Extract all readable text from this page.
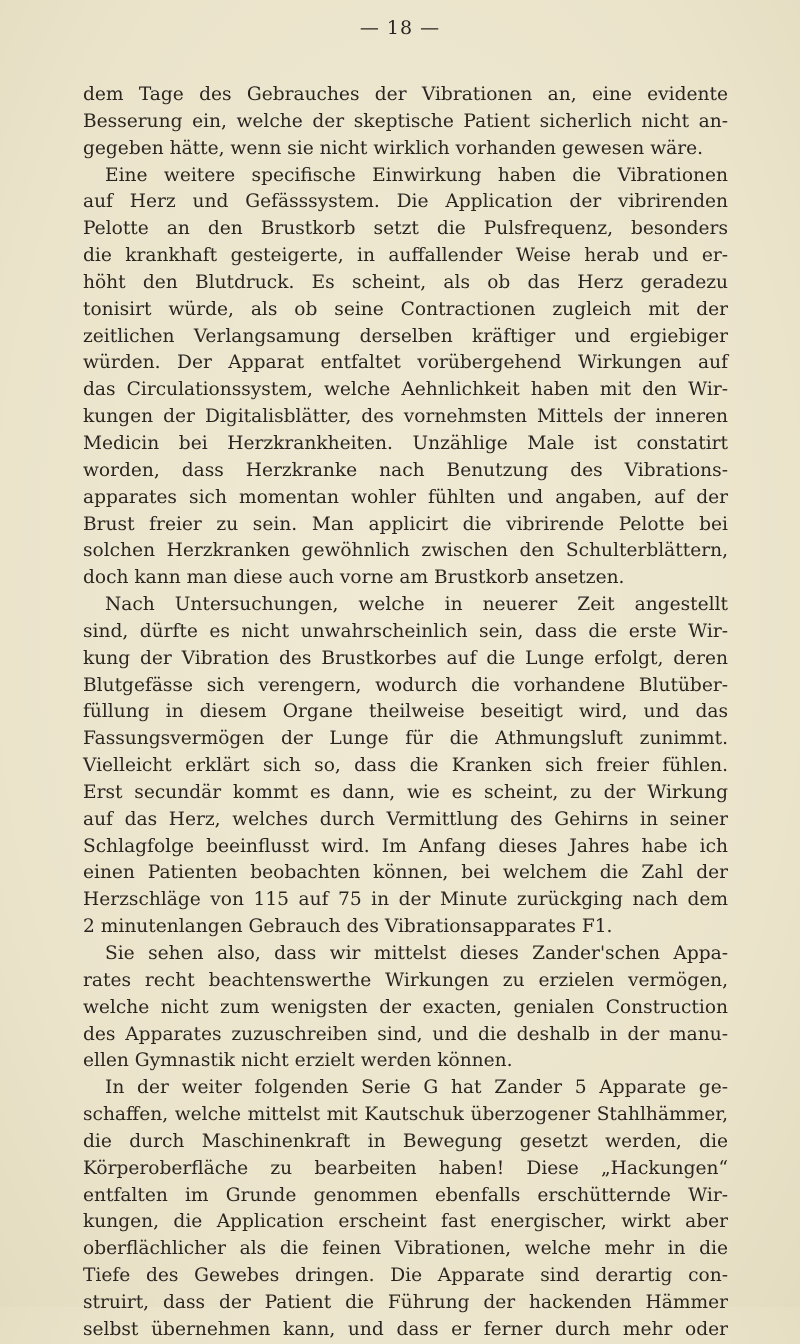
— 18 —
dem Tage des Gebrauches der Vibrationen an, eine evidente
Besserung ein, welche der skeptische Patient sicherlich nicht an-
gegeben hätte, wenn sie nicht wirklich vorhanden gewesen wäre.
Eine weitere specifische Einwirkung haben die Vibrationen
auf Herz und Gefässsystem. Die Application der vibrirenden
Pelotte an den Brustkorb setzt die Pulsfrequenz, besonders
die krankhaft gesteigerte, in auffallender Weise herab und er-
höht den Blutdruck. Es scheint, als ob das Herz geradezu
tonisirt würde, als ob seine Contractionen zugleich mit der
zeitlichen Verlangsamung derselben kräftiger und ergiebiger
würden. Der Apparat entfaltet vorübergehend Wirkungen auf
das Circulationssystem, welche Aehnlichkeit haben mit den Wir-
kungen der Digitalisblätter, des vornehmsten Mittels der inneren
Medicin bei Herzkrankheiten. Unzählige Male ist constatirt
worden, dass Herzkranke nach Benutzung des Vibrations-
apparates sich momentan wohler fühlten und angaben, auf der
Brust freier zu sein. Man applicirt die vibrirende Pelotte bei
solchen Herzkranken gewöhnlich zwischen den Schulterblättern,
doch kann man diese auch vorne am Brustkorb ansetzen.
Nach Untersuchungen, welche in neuerer Zeit angestellt
sind, dürfte es nicht unwahrscheinlich sein, dass die erste Wir-
kung der Vibration des Brustkorbes auf die Lunge erfolgt, deren
Blutgefässe sich verengern, wodurch die vorhandene Blutüber-
füllung in diesem Organe theilweise beseitigt wird, und das
Fassungsvermögen der Lunge für die Athmungsluft zunimmt.
Vielleicht erklärt sich so, dass die Kranken sich freier fühlen.
Erst secundär kommt es dann, wie es scheint, zu der Wirkung
auf das Herz, welches durch Vermittlung des Gehirns in seiner
Schlagfolge beeinflusst wird. Im Anfang dieses Jahres habe ich
einen Patienten beobachten können, bei welchem die Zahl der
Herzschläge von 115 auf 75 in der Minute zurückging nach dem
2 minutenlangen Gebrauch des Vibrationsapparates F1.
Sie sehen also, dass wir mittelst dieses Zander'schen Appa-
rates recht beachtenswerthe Wirkungen zu erzielen vermögen,
welche nicht zum wenigsten der exacten, genialen Construction
des Apparates zuzuschreiben sind, und die deshalb in der manu-
ellen Gymnastik nicht erzielt werden können.
In der weiter folgenden Serie G hat Zander 5 Apparate ge-
schaffen, welche mittelst mit Kautschuk überzogener Stahlhämmer,
die durch Maschinenkraft in Bewegung gesetzt werden, die
Körperoberfläche zu bearbeiten haben! Diese „Hackungen“
entfalten im Grunde genommen ebenfalls erschütternde Wir-
kungen, die Application erscheint fast energischer, wirkt aber
oberflächlicher als die feinen Vibrationen, welche mehr in die
Tiefe des Gewebes dringen. Die Apparate sind derartig con-
struirt, dass der Patient die Führung der hackenden Hämmer
selbst übernehmen kann, und dass er ferner durch mehr oder
